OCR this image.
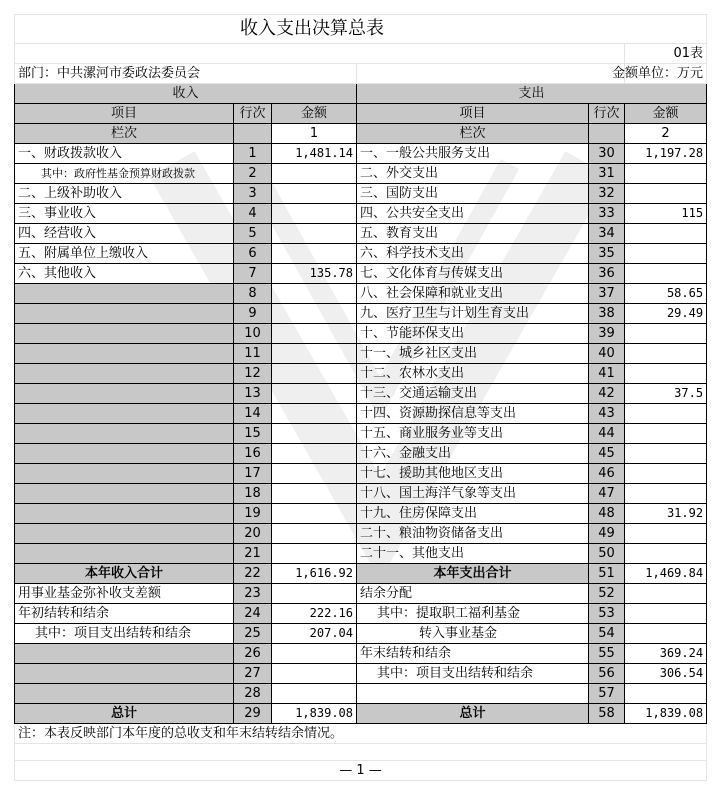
收入支出决算总表					
					01表
部门：中共漯河市委政法委员会					金额单位：万元
收入			支出		
项目	行次	金额	项目	行次	金额
栏次		1	栏次		2
一、财政拨款收入	1	1,481.14	一、一般公共服务支出	30	1,197.28
其中：政府性基金预算财政拨款	2		二、外交支出	31	
二、上级补助收入	3		三、国防支出	32	
三、事业收入	4		四、公共安全支出	33	115
四、经营收入	5		五、教育支出	34	
五、附属单位上缴收入	6		六、科学技术支出	35	
六、其他收入	7	135.78	七、文化体育与传媒支出	36	
	8		八、社会保障和就业支出	37	58.65
	9		九、医疗卫生与计划生育支出	38	29.49
	10		十、节能环保支出	39	
	11		十一、城乡社区支出	40	
	12		十二、农林水支出	41	
	13		十三、交通运输支出	42	37.5
	14		十四、资源勘探信息等支出	43	
	15		十五、商业服务业等支出	44	
	16		十六、金融支出	45	
	17		十七、援助其他地区支出	46	
	18		十八、国土海洋气象等支出	47	
	19		十九、住房保障支出	48	31.92
	20		二十、粮油物资储备支出	49	
	21		二十一、其他支出	50	
本年收入合计	22	1,616.92	本年支出合计	51	1,469.84
用事业基金弥补收支差额	23		结余分配	52	
年初结转和结余	24	222.16	其中：提取职工福利基金	53	
其中：项目支出结转和结余	25	207.04	转入事业基金	54	
	26		年末结转和结余	55	369.24
	27		其中：项目支出结转和结余	56	306.54
	28			57	
总计	29	1,839.08	总计	58	1,839.08
注：本表反映部门本年度的总收支和年末结转结余情况。					

— 1 —					
